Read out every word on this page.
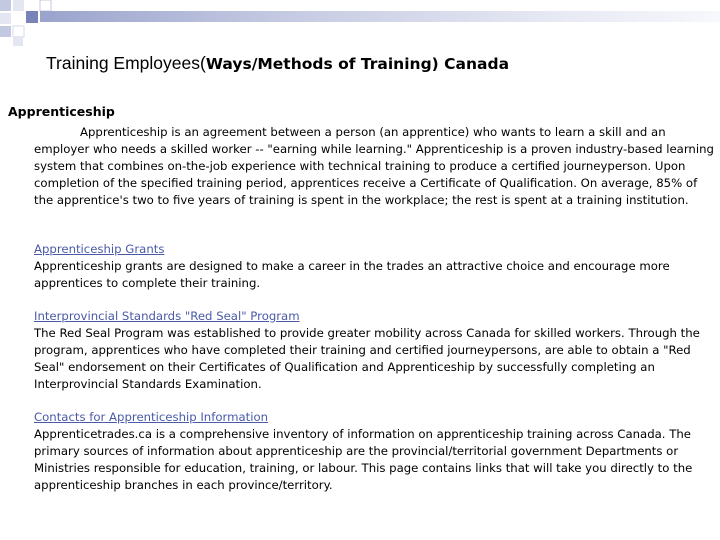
Training Employees(Ways/Methods of Training) Canada
Apprenticeship

Apprenticeship is an agreement between a person (an apprentice) who wants to learn a skill and an employer who needs a skilled worker -- "earning while learning." Apprenticeship is a proven industry-based learning system that combines on-the-job experience with technical training to produce a certified journeyperson. Upon completion of the specified training period, apprentices receive a Certificate of Qualification. On average, 85% of the apprentice's two to five years of training is spent in the workplace; the rest is spent at a training institution.

Apprenticeship Grants
Apprenticeship grants are designed to make a career in the trades an attractive choice and encourage more apprentices to complete their training.
Interprovincial Standards "Red Seal" Program
The Red Seal Program was established to provide greater mobility across Canada for skilled workers. Through the program, apprentices who have completed their training and certified journeypersons, are able to obtain a "Red Seal" endorsement on their Certificates of Qualification and Apprenticeship by successfully completing an Interprovincial Standards Examination.
Contacts for Apprenticeship Information
Apprenticetrades.ca is a comprehensive inventory of information on apprenticeship training across Canada. The primary sources of information about apprenticeship are the provincial/territorial government Departments or Ministries responsible for education, training, or labour. This page contains links that will take you directly to the apprenticeship branches in each province/territory.
